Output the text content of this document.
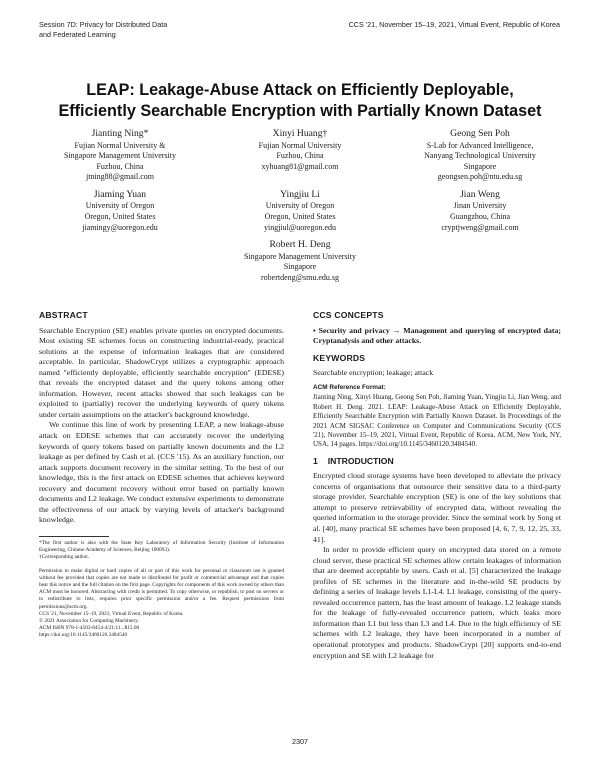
Session 7D: Privacy for Distributed Data
and Federated Learning
CCS '21, November 15–19, 2021, Virtual Event, Republic of Korea
LEAP: Leakage-Abuse Attack on Efficiently Deployable,
Efficiently Searchable Encryption with Partially Known Dataset
Jianting Ning*
Fujian Normal University &
Singapore Management University
Fuzhou, China
jtning88@gmail.com
Xinyi Huang†
Fujian Normal University
Fuzhou, China
xyhuang81@gmail.com
Geong Sen Poh
S-Lab for Advanced Intelligence,
Nanyang Technological University
Singapore
geongsen.poh@ntu.edu.sg
Jiaming Yuan
University of Oregon
Oregon, United States
jiamingy@uoregon.edu
Yingjiu Li
University of Oregon
Oregon, United States
yingjiul@uoregon.edu
Jian Weng
Jinan University
Guangzhou, China
cryptjweng@gmail.com
Robert H. Deng
Singapore Management University
Singapore
robertdeng@smu.edu.sg
ABSTRACT

Searchable Encryption (SE) enables private queries on encrypted documents. Most existing SE schemes focus on constructing industrial-ready, practical solutions at the expense of information leakages that are considered acceptable. In particular, ShadowCrypt utilizes a cryptographic approach named "efficiently deployable, efficiently searchable encryption" (EDESE) that reveals the encrypted dataset and the query tokens among other information. However, recent attacks showed that such leakages can be exploited to (partially) recover the underlying keywords of query tokens under certain assumptions on the attacker's background knowledge.

We continue this line of work by presenting LEAP, a new leakage-abuse attack on EDESE schemes that can accurately recover the underlying keywords of query tokens based on partially known documents and the L2 leakage as per defined by Cash et al. (CCS '15). As an auxiliary function, our attack supports document recovery in the similar setting. To the best of our knowledge, this is the first attack on EDESE schemes that achieves keyword recovery and document recovery without error based on partially known documents and L2 leakage. We conduct extensive experiments to demonstrate the effectiveness of our attack by varying levels of attacker's background knowledge.

*The first author is also with the State Key Laboratory of Information Security (Institute of Information Engineering, Chinese Academy of Sciences, Beijing 100093).

†Corresponding author.

Permission to make digital or hard copies of all or part of this work for personal or classroom use is granted without fee provided that copies are not made or distributed for profit or commercial advantage and that copies bear this notice and the full citation on the first page. Copyrights for components of this work owned by others than ACM must be honored. Abstracting with credit is permitted. To copy otherwise, or republish, to post on servers or to redistribute to lists, requires prior specific permission and/or a fee. Request permissions from permissions@acm.org.

CCS '21, November 15–19, 2021, Virtual Event, Republic of Korea.

© 2021 Association for Computing Machinery.

ACM ISBN 978-1-4503-8454-4/21/11...$15.00

https://doi.org/10.1145/3460120.3484540

CCS CONCEPTS

• Security and privacy → Management and querying of encrypted data; Cryptanalysis and other attacks.

KEYWORDS

Searchable encryption; leakage; attack

ACM Reference Format:

Jianting Ning, Xinyi Huang, Geong Sen Poh, Jiaming Yuan, Yingjiu Li, Jian Weng, and Robert H. Deng. 2021. LEAP: Leakage-Abuse Attack on Efficiently Deployable, Efficiently Searchable Encryption with Partially Known Dataset. In Proceedings of the 2021 ACM SIGSAC Conference on Computer and Communications Security (CCS '21), November 15–19, 2021, Virtual Event, Republic of Korea. ACM, New York, NY, USA, 14 pages. https://doi.org/10.1145/3460120.3484540.

1 INTRODUCTION

Encrypted cloud storage systems have been developed to alleviate the privacy concerns of organisations that outsource their sensitive data to a third-party storage provider. Searchable encryption (SE) is one of the key solutions that attempt to preserve retrievability of encrypted data, without revealing the queried information to the storage provider. Since the seminal work by Song et al. [40], many practical SE schemes have been proposed [4, 6, 7, 9, 12, 25, 33, 41].

In order to provide efficient query on encrypted data stored on a remote cloud server, these practical SE schemes allow certain leakages of information that are deemed acceptable by users. Cash et al. [5] characterized the leakage profiles of SE schemes in the literature and in-the-wild SE products by defining a series of leakage levels L1-L4. L1 leakage, consisting of the query-revealed occurrence pattern, has the least amount of leakage. L2 leakage stands for the leakage of fully-revealed occurrence pattern, which leaks more information than L1 but less than L3 and L4. Due to the high efficiency of SE schemes with L2 leakage, they have been incorporated in a number of operational prototypes and products. ShadowCrypt [20] supports end-to-end encryption and SE with L2 leakage for

2307
